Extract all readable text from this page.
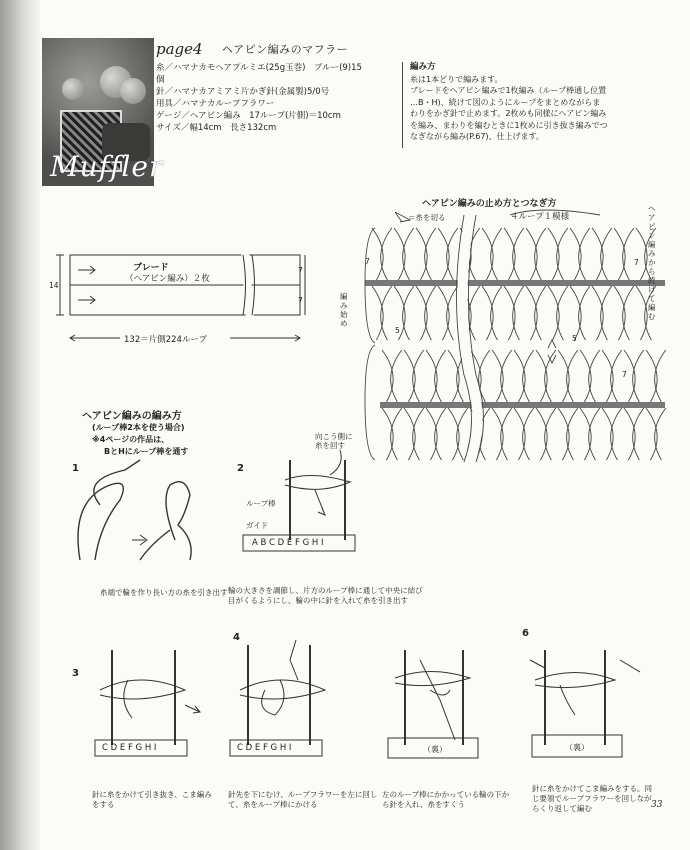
Muffler
page4 ヘアピン編みのマフラー
糸／ハマナカモヘアプルミエ(25g玉巻)　ブルー(9)15
個
針／ハマナカアミアミ片かぎ針(金属製)5/0号
用具／ハマナカループフラワー
ゲージ／ヘアピン編み　17ループ(片側)＝10cm
サイズ／幅14cm　長さ132cm
編み方
糸は1本どりで編みます。
ブレードをヘアピン編みで1枚編み（ループ棒通し位置
…B・H)、続けて図のようにループをまとめながらま
わりをかぎ針で止めます。2枚めも同様にヘアピン編み
を編み、まわりを編むときに1枚めに引き抜き編みでつ
なぎながら編み(P.67)、仕上げます。
ブレード
（ヘアピン編み）２枚
14
7
7
132＝片側224ループ
ヘアピン編みの止め方とつなぎ方
＝糸を切る	４ループ１模様
ヘアピン編みから続けて編む
編み始め
7
5
7
5
7
ヘアピン編みの編み方
(ループ棒2本を使う場合)
※4ページの作品は、
BとHにループ棒を通す
1
糸端で輪を作り長い方の糸を引き出す
2
向こう側に糸を回す
ループ棒
ガイド
A B C D E F G H I
輪の大きさを調節し、片方のループ棒に通して中央に結び目がくるようにし、輪の中に針を入れて糸を引き出す
3
C D E F G H I
針に糸をかけて引き抜き、こま編みをする
4
C D E F G H I
針先を下にむけ、ループフラワーを左に回して、糸をループ棒にかける
（裏）
左のループ棒にかかっている輪の下から針を入れ、糸をすくう
6
（裏）
針に糸をかけてこま編みをする。同じ要領でループフラワーを回しながらくり返して編む	33
